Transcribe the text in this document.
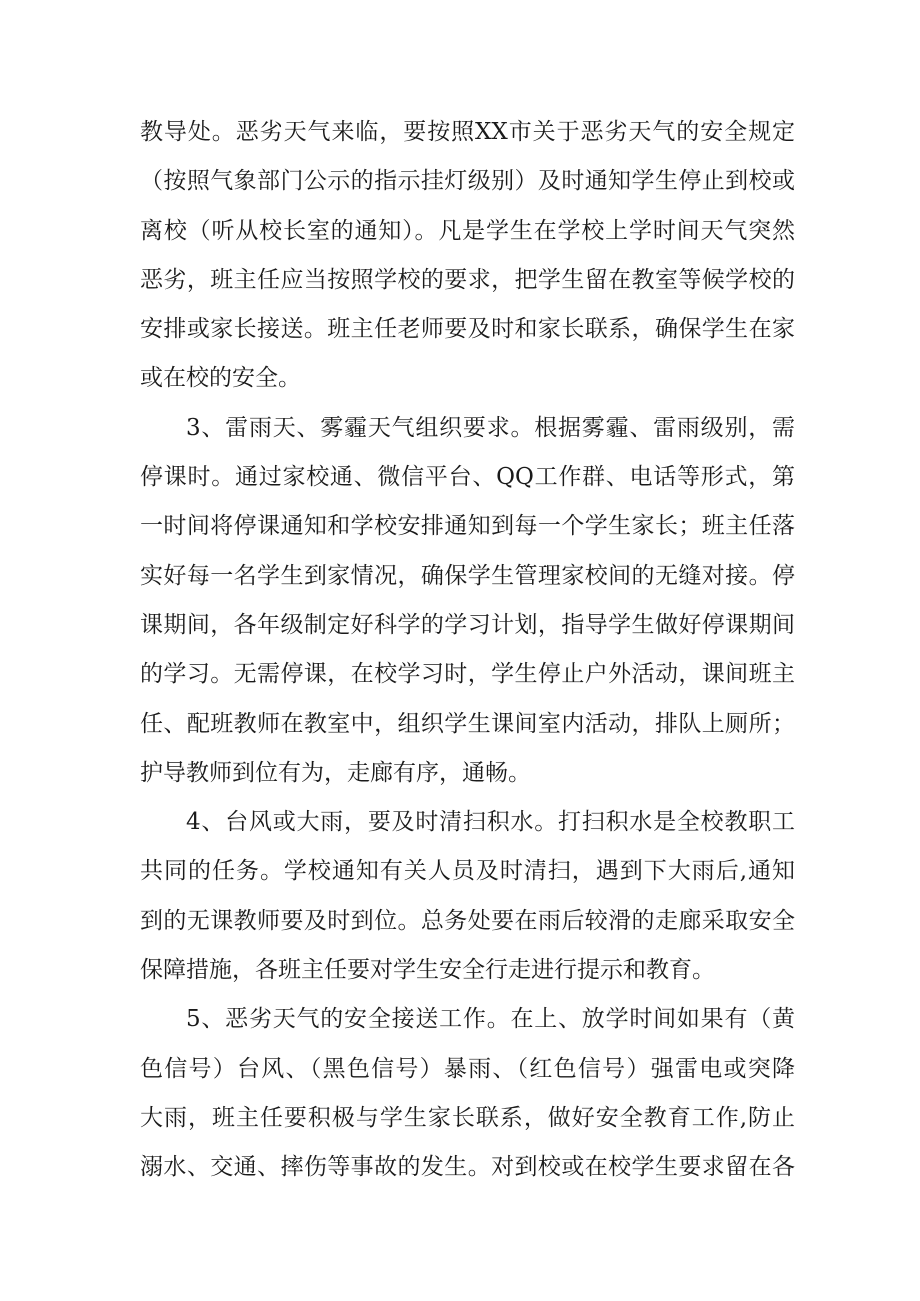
教导处。恶劣天气来临，要按照XX市关于恶劣天气的安全规定
（按照气象部门公示的指示挂灯级别）及时通知学生停止到校或
离校（听从校长室的通知）。凡是学生在学校上学时间天气突然
恶劣，班主任应当按照学校的要求，把学生留在教室等候学校的
安排或家长接送。班主任老师要及时和家长联系，确保学生在家
或在校的安全。
3、雷雨天、雾霾天气组织要求。根据雾霾、雷雨级别，需
停课时。通过家校通、微信平台、QQ工作群、电话等形式，第
一时间将停课通知和学校安排通知到每一个学生家长；班主任落
实好每一名学生到家情况，确保学生管理家校间的无缝对接。停
课期间，各年级制定好科学的学习计划，指导学生做好停课期间
的学习。无需停课，在校学习时，学生停止户外活动，课间班主
任、配班教师在教室中，组织学生课间室内活动，排队上厕所；
护导教师到位有为，走廊有序，通畅。
4、台风或大雨，要及时清扫积水。打扫积水是全校教职工
共同的任务。学校通知有关人员及时清扫，遇到下大雨后,通知
到的无课教师要及时到位。总务处要在雨后较滑的走廊采取安全
保障措施，各班主任要对学生安全行走进行提示和教育。
5、恶劣天气的安全接送工作。在上、放学时间如果有（黄
色信号）台风、（黑色信号）暴雨、（红色信号）强雷电或突降
大雨，班主任要积极与学生家长联系，做好安全教育工作,防止
溺水、交通、摔伤等事故的发生。对到校或在校学生要求留在各
